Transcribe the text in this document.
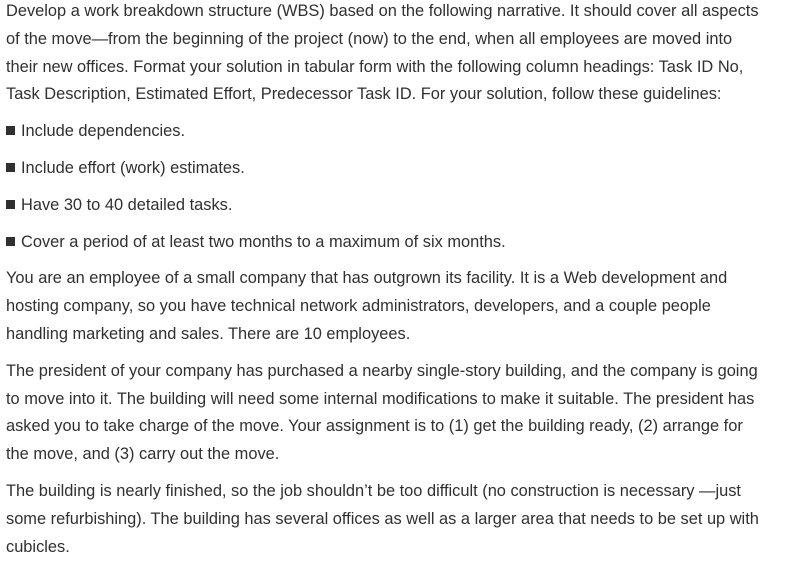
Develop a work breakdown structure (WBS) based on the following narrative. It should cover all aspects of the move—from the beginning of the project (now) to the end, when all employees are moved into their new offices. Format your solution in tabular form with the following column headings: Task ID No, Task Description, Estimated Effort, Predecessor Task ID. For your solution, follow these guidelines:

Include dependencies.

Include effort (work) estimates.

Have 30 to 40 detailed tasks.

Cover a period of at least two months to a maximum of six months.

You are an employee of a small company that has outgrown its facility. It is a Web development and hosting company, so you have technical network administrators, developers, and a couple people handling marketing and sales. There are 10 employees.

The president of your company has purchased a nearby single-story building, and the company is going to move into it. The building will need some internal modifications to make it suitable. The president has asked you to take charge of the move. Your assignment is to (1) get the building ready, (2) arrange for the move, and (3) carry out the move.

The building is nearly finished, so the job shouldn’t be too difficult (no construction is necessary —just some refurbishing). The building has several offices as well as a larger area that needs to be set up with cubicles.
